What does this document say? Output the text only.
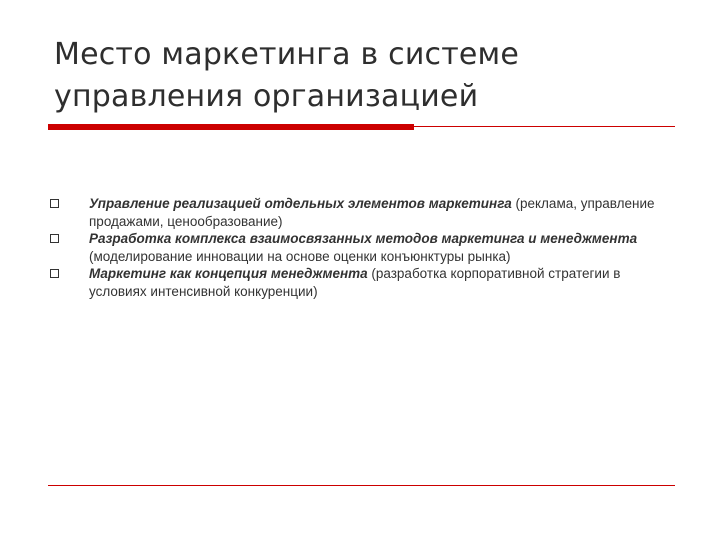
Место маркетинга в системе
управления организацией
Управление реализацией отдельных элементов маркетинга (реклама, управление продажами, ценообразование)
Разработка комплекса взаимосвязанных методов маркетинга и менеджмента (моделирование инновации на основе оценки конъюнктуры рынка)
Маркетинг как концепция менеджмента (разработка корпоративной стратегии в условиях интенсивной конкуренции)
